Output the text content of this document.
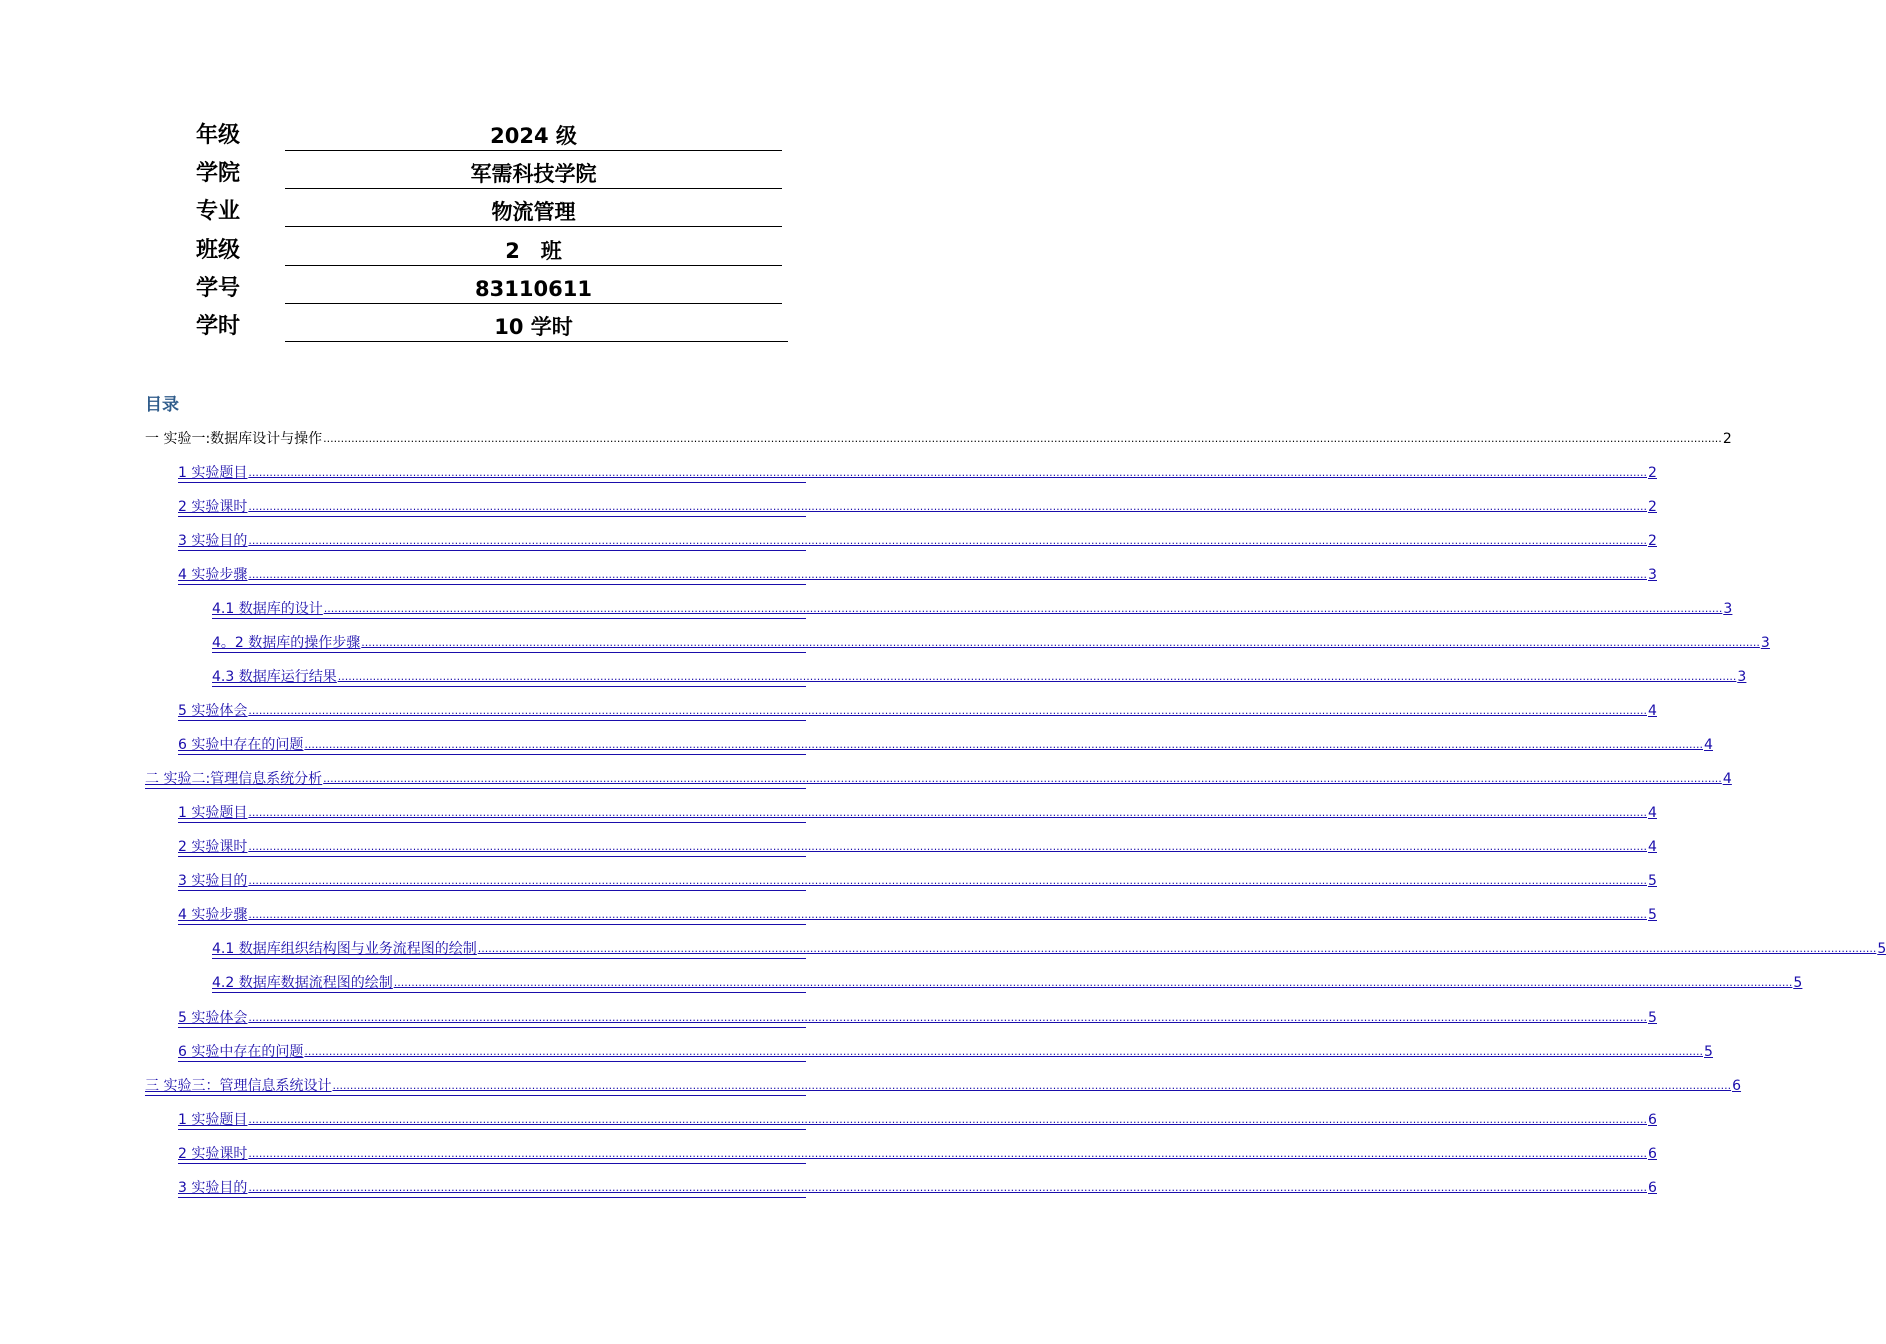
年级	2024 级
学院	军需科技学院
专业	物流管理
班级	2　班
学号	83110611
学时	10 学时
目录
一 实验一:数据库设计与操作 ................................................................................................................................................................................................................................................................................................................................................................................................................ 2
1 实验题目 ................................................................................................................................................................................................................................................................................................................................................................................................................ 2
2 实验课时 ................................................................................................................................................................................................................................................................................................................................................................................................................ 2
3 实验目的 ................................................................................................................................................................................................................................................................................................................................................................................................................ 2
4 实验步骤 ................................................................................................................................................................................................................................................................................................................................................................................................................ 3
4.1 数据库的设计 ................................................................................................................................................................................................................................................................................................................................................................................................................ 3
4。2 数据库的操作步骤 ................................................................................................................................................................................................................................................................................................................................................................................................................ 3
4.3 数据库运行结果 ................................................................................................................................................................................................................................................................................................................................................................................................................ 3
5 实验体会 ................................................................................................................................................................................................................................................................................................................................................................................................................ 4
6 实验中存在的问题 ................................................................................................................................................................................................................................................................................................................................................................................................................ 4
二 实验二:管理信息系统分析 ................................................................................................................................................................................................................................................................................................................................................................................................................ 4
1 实验题目 ................................................................................................................................................................................................................................................................................................................................................................................................................ 4
2 实验课时 ................................................................................................................................................................................................................................................................................................................................................................................................................ 4
3 实验目的 ................................................................................................................................................................................................................................................................................................................................................................................................................ 5
4 实验步骤 ................................................................................................................................................................................................................................................................................................................................................................................................................ 5
4.1 数据库组织结构图与业务流程图的绘制 ................................................................................................................................................................................................................................................................................................................................................................................................................ 5
4.2 数据库数据流程图的绘制 ................................................................................................................................................................................................................................................................................................................................................................................................................ 5
5 实验体会 ................................................................................................................................................................................................................................................................................................................................................................................................................ 5
6 实验中存在的问题 ................................................................................................................................................................................................................................................................................................................................................................................................................ 5
三 实验三：管理信息系统设计 ................................................................................................................................................................................................................................................................................................................................................................................................................ 6
1 实验题目 ................................................................................................................................................................................................................................................................................................................................................................................................................ 6
2 实验课时 ................................................................................................................................................................................................................................................................................................................................................................................................................ 6
3 实验目的 ................................................................................................................................................................................................................................................................................................................................................................................................................ 6
